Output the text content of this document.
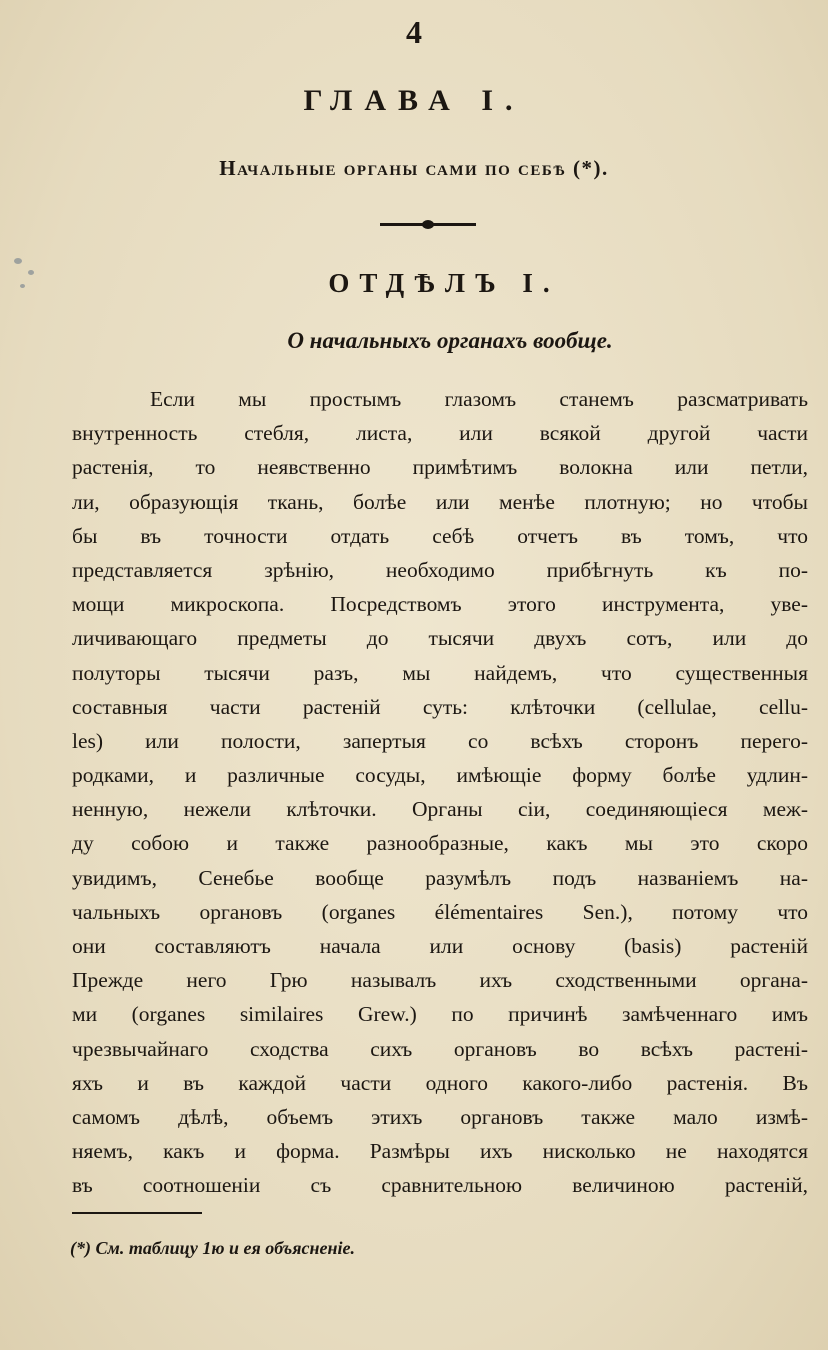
4
ГЛАВА I.
Начальные органы сами по себѣ (*).
ОТДѢЛЪ I.
О начальныхъ органахъ вообще.
Если мы простымъ глазомъ станемъ разсматривать
внутренность стебля, листа, или всякой другой части
растенія, то неявственно примѣтимъ волокна или петли,
ли, образующія ткань, болѣе или менѣе плотную; но чтобы
бы въ точности отдать себѣ отчетъ въ томъ, что
представляется зрѣнію, необходимо прибѣгнуть къ по-
мощи микроскопа. Посредствомъ этого инструмента, уве-
личивающаго предметы до тысячи двухъ сотъ, или до
полуторы тысячи разъ, мы найдемъ, что существенныя
составныя части растеній суть: клѣточки (cellulae, cellu-
les) или полости, запертыя со всѣхъ сторонъ перего-
родками, и различные сосуды, имѣющіе форму болѣе удлин-
ненную, нежели клѣточки. Органы сіи, соединяющіеся меж-
ду собою и также разнообразные, какъ мы это скоро
увидимъ, Сенебье вообще разумѣлъ подъ названіемъ на-
чальныхъ органовъ (organes élémentaires Sen.), потому что
они составляютъ начала или основу (basis) растеній
Прежде него Грю называлъ ихъ сходственными органа-
ми (organes similaires Grew.) по причинѣ замѣченнаго имъ
чрезвычайнаго сходства сихъ органовъ во всѣхъ растені-
яхъ и въ каждой части одного какого-либо растенія. Въ
самомъ дѣлѣ, объемъ этихъ органовъ также мало измѣ-
няемъ, какъ и форма. Размѣры ихъ нисколько не находятся
въ соотношеніи съ сравнительною величиною растеній,
(*) См. таблицу 1ю и ея объясненіе.
